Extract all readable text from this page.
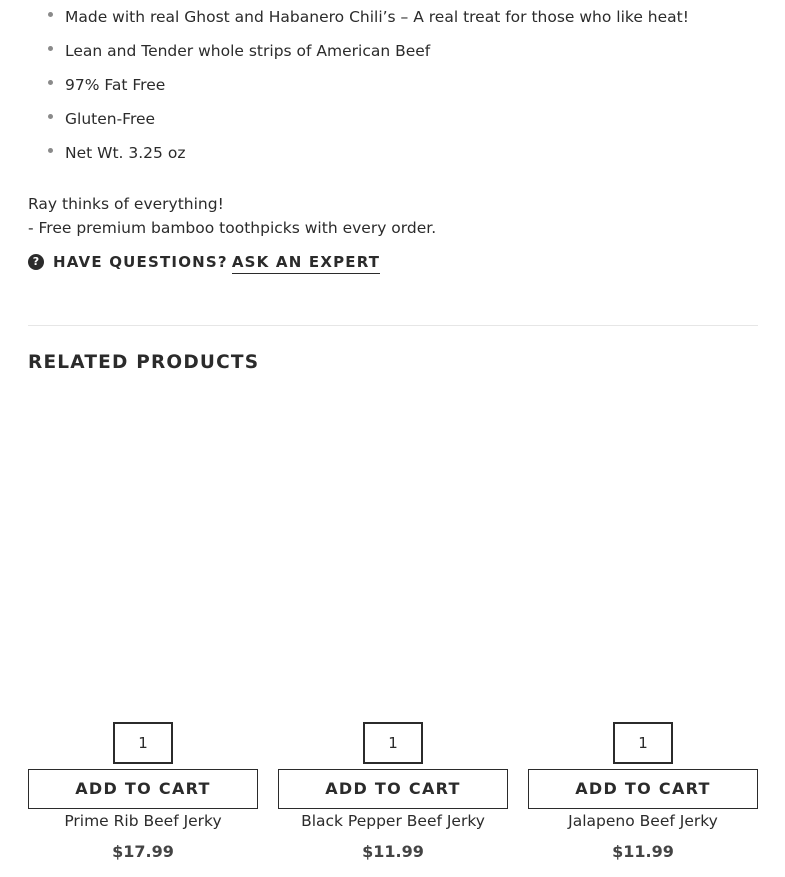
Made with real Ghost and Habanero Chili’s – A real treat for those who like heat!
Lean and Tender whole strips of American Beef
97% Fat Free
Gluten-Free
Net Wt. 3.25 oz
Ray thinks of everything!
- Free premium bamboo toothpicks with every order.
? HAVE QUESTIONS? ASK AN EXPERT
RELATED PRODUCTS
1
ADD TO CART
Prime Rib Beef Jerky
$17.99
1
ADD TO CART
Black Pepper Beef Jerky
$11.99
1
ADD TO CART
Jalapeno Beef Jerky
$11.99
